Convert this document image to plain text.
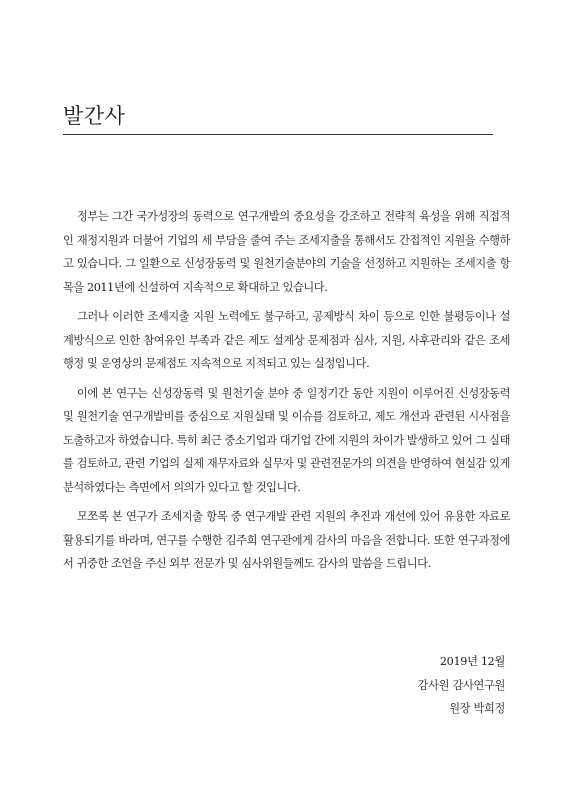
발간사

정부는 그간 국가성장의 동력으로 연구개발의 중요성을 강조하고 전략적 육성을 위해 직접적인 재정지원과 더불어 기업의 세 부담을 줄여 주는 조세지출을 통해서도 간접적인 지원을 수행하고 있습니다. 그 일환으로 신성장동력 및 원천기술분야의 기술을 선정하고 지원하는 조세지출 항목을 2011년에 신설하여 지속적으로 확대하고 있습니다.

그러나 이러한 조세지출 지원 노력에도 불구하고, 공제방식 차이 등으로 인한 불평등이나 설계방식으로 인한 참여유인 부족과 같은 제도 설계상 문제점과 심사, 지원, 사후관리와 같은 조세행정 및 운영상의 문제점도 지속적으로 지적되고 있는 실정입니다.

이에 본 연구는 신성장동력 및 원천기술 분야 중 일정기간 동안 지원이 이루어진 신성장동력 및 원천기술 연구개발비를 중심으로 지원실태 및 이슈를 검토하고, 제도 개선과 관련된 시사점을 도출하고자 하였습니다. 특히 최근 중소기업과 대기업 간에 지원의 차이가 발생하고 있어 그 실태를 검토하고, 관련 기업의 실제 재무자료와 실무자 및 관련전문가의 의견을 반영하여 현실감 있게 분석하였다는 측면에서 의의가 있다고 할 것입니다.

모쪼록 본 연구가 조세지출 항목 중 연구개발 관련 지원의 추진과 개선에 있어 유용한 자료로 활용되기를 바라며, 연구를 수행한 김주희 연구관에게 감사의 마음을 전합니다. 또한 연구과정에서 귀중한 조언을 주신 외부 전문가 및 심사위원들께도 감사의 말씀을 드립니다.

2019년 12월
감사원 감사연구원
원장 박희정
